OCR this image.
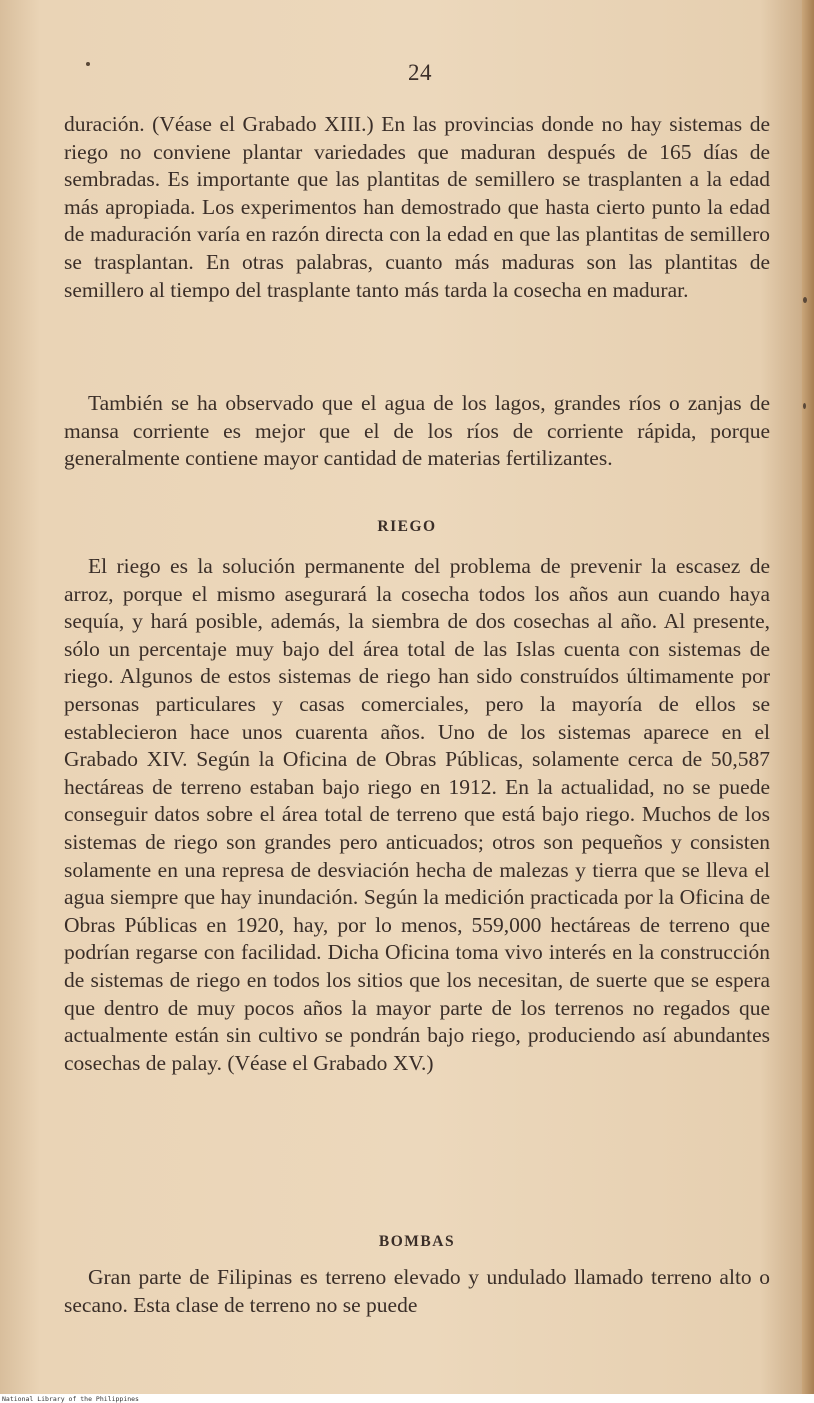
24

duración. (Véase el Grabado XIII.) En las provincias donde no hay sistemas de riego no conviene plantar variedades que maduran después de 165 días de sembradas. Es importante que las plantitas de semillero se trasplanten a la edad más apropiada. Los experimentos han demostrado que hasta cierto punto la edad de maduración varía en razón directa con la edad en que las plantitas de semillero se trasplantan. En otras palabras, cuanto más maduras son las plantitas de semillero al tiempo del trasplante tanto más tarda la cosecha en madurar.

También se ha observado que el agua de los lagos, grandes ríos o zanjas de mansa corriente es mejor que el de los ríos de corriente rápida, porque generalmente contiene mayor cantidad de materias fertilizantes.

RIEGO

El riego es la solución permanente del problema de prevenir la escasez de arroz, porque el mismo asegurará la cosecha todos los años aun cuando haya sequía, y hará posible, además, la siembra de dos cosechas al año. Al presente, sólo un percentaje muy bajo del área total de las Islas cuenta con sistemas de riego. Algunos de estos sistemas de riego han sido construídos últimamente por personas particulares y casas comerciales, pero la mayoría de ellos se establecieron hace unos cuarenta años. Uno de los sistemas aparece en el Grabado XIV. Según la Oficina de Obras Públicas, solamente cerca de 50,587 hectáreas de terreno estaban bajo riego en 1912. En la actualidad, no se puede conseguir datos sobre el área total de terreno que está bajo riego. Muchos de los sistemas de riego son grandes pero anticuados; otros son pequeños y consisten solamente en una represa de desviación hecha de malezas y tierra que se lleva el agua siempre que hay inundación. Según la medición practicada por la Oficina de Obras Públicas en 1920, hay, por lo menos, 559,000 hectáreas de terreno que podrían regarse con facilidad. Dicha Oficina toma vivo interés en la construcción de sistemas de riego en todos los sitios que los necesitan, de suerte que se espera que dentro de muy pocos años la mayor parte de los terrenos no regados que actualmente están sin cultivo se pondrán bajo riego, produciendo así abundantes cosechas de palay. (Véase el Grabado XV.)

BOMBAS

Gran parte de Filipinas es terreno elevado y undulado llamado terreno alto o secano. Esta clase de terreno no se puede

National Library of the Philippines
